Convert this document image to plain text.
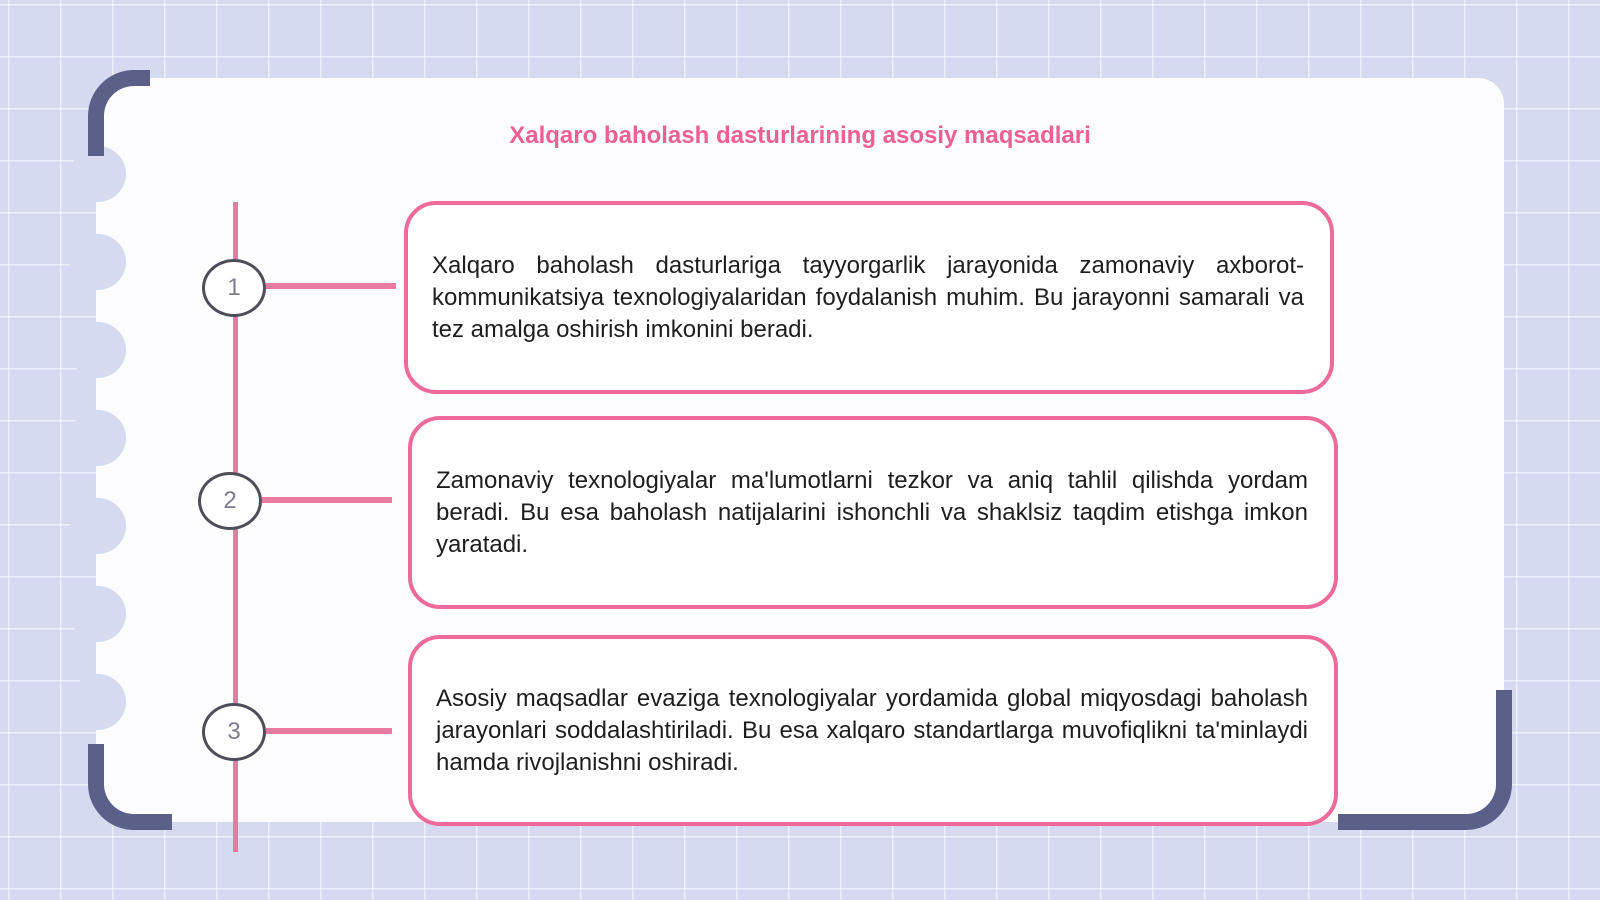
Xalqaro baholash dasturlarining asosiy maqsadlari
1
2
3

Xalqaro baholash dasturlariga tayyorgarlik jarayonida zamonaviy axborot-kommunikatsiya texnologiyalaridan foydalanish muhim. Bu jarayonni samarali va tez amalga oshirish imkonini beradi.

Zamonaviy texnologiyalar ma'lumotlarni tezkor va aniq tahlil qilishda yordam beradi. Bu esa baholash natijalarini ishonchli va shaklsiz taqdim etishga imkon yaratadi.

Asosiy maqsadlar evaziga texnologiyalar yordamida global miqyosdagi baholash jarayonlari soddalashtiriladi. Bu esa xalqaro standartlarga muvofiqlikni ta'minlaydi hamda rivojlanishni oshiradi.
